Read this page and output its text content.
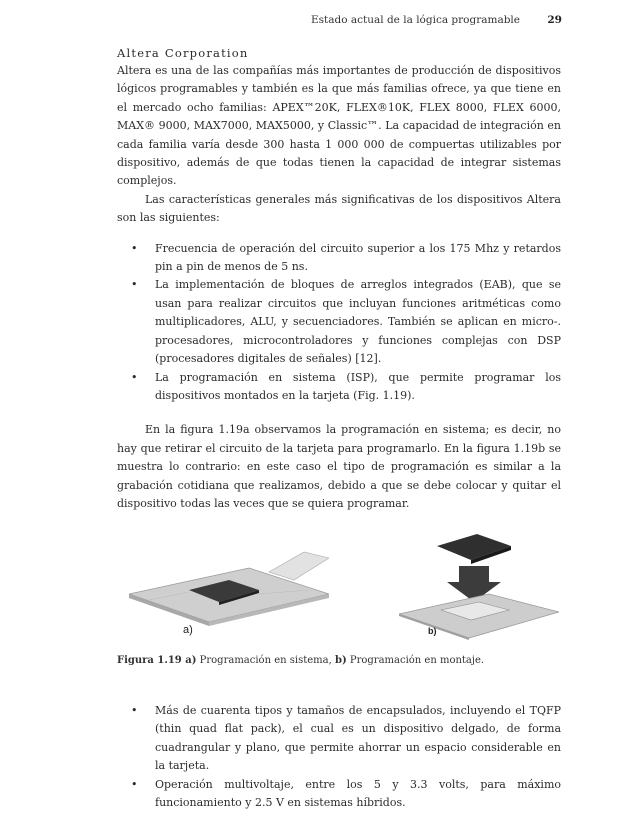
Estado actual de la lógica programable	29
Altera Corporation

Altera es una de las compañías más importantes de producción de dispositivos lógicos programables y también es la que más familias ofrece, ya que tiene en el mercado ocho familias: APEX™20K, FLEX®10K, FLEX 8000, FLEX 6000, MAX® 9000, MAX7000, MAX5000, y Classic™. La capacidad de integración en cada familia varía desde 300 hasta 1 000 000 de compuertas utilizables por dispositivo, además de que todas tienen la capacidad de integrar sistemas complejos.

Las características generales más significativas de los dispositivos Altera son las siguientes:

• Frecuencia de operación del circuito superior a los 175 Mhz y retardos pin a pin de menos de 5 ns.
• La implementación de bloques de arreglos integrados (EAB), que se usan para realizar circuitos que incluyan funciones aritméticas como multiplicadores, ALU, y secuenciadores. También se aplican en micro-. procesadores, microcontroladores y funciones complejas con DSP (procesadores digitales de señales) [12].
• La programación en sistema (ISP), que permite programar los dispositivos montados en la tarjeta (Fig. 1.19).

En la figura 1.19a observamos la programación en sistema; es decir, no hay que retirar el circuito de la tarjeta para programarlo. En la figura 1.19b se muestra lo contrario: en este caso el tipo de programación es similar a la grabación cotidiana que realizamos, debido a que se debe colocar y quitar el dispositivo todas las veces que se quiera programar.

a)	b)
Figura 1.19 a) Programación en sistema, b) Programación en montaje.
• Más de cuarenta tipos y tamaños de encapsulados, incluyendo el TQFP (thin quad flat pack), el cual es un dispositivo delgado, de forma cuadrangular y plano, que permite ahorrar un espacio considerable en la tarjeta.
• Operación multivoltaje, entre los 5 y 3.3 volts, para máximo funcionamiento y 2.5 V en sistemas híbridos.
